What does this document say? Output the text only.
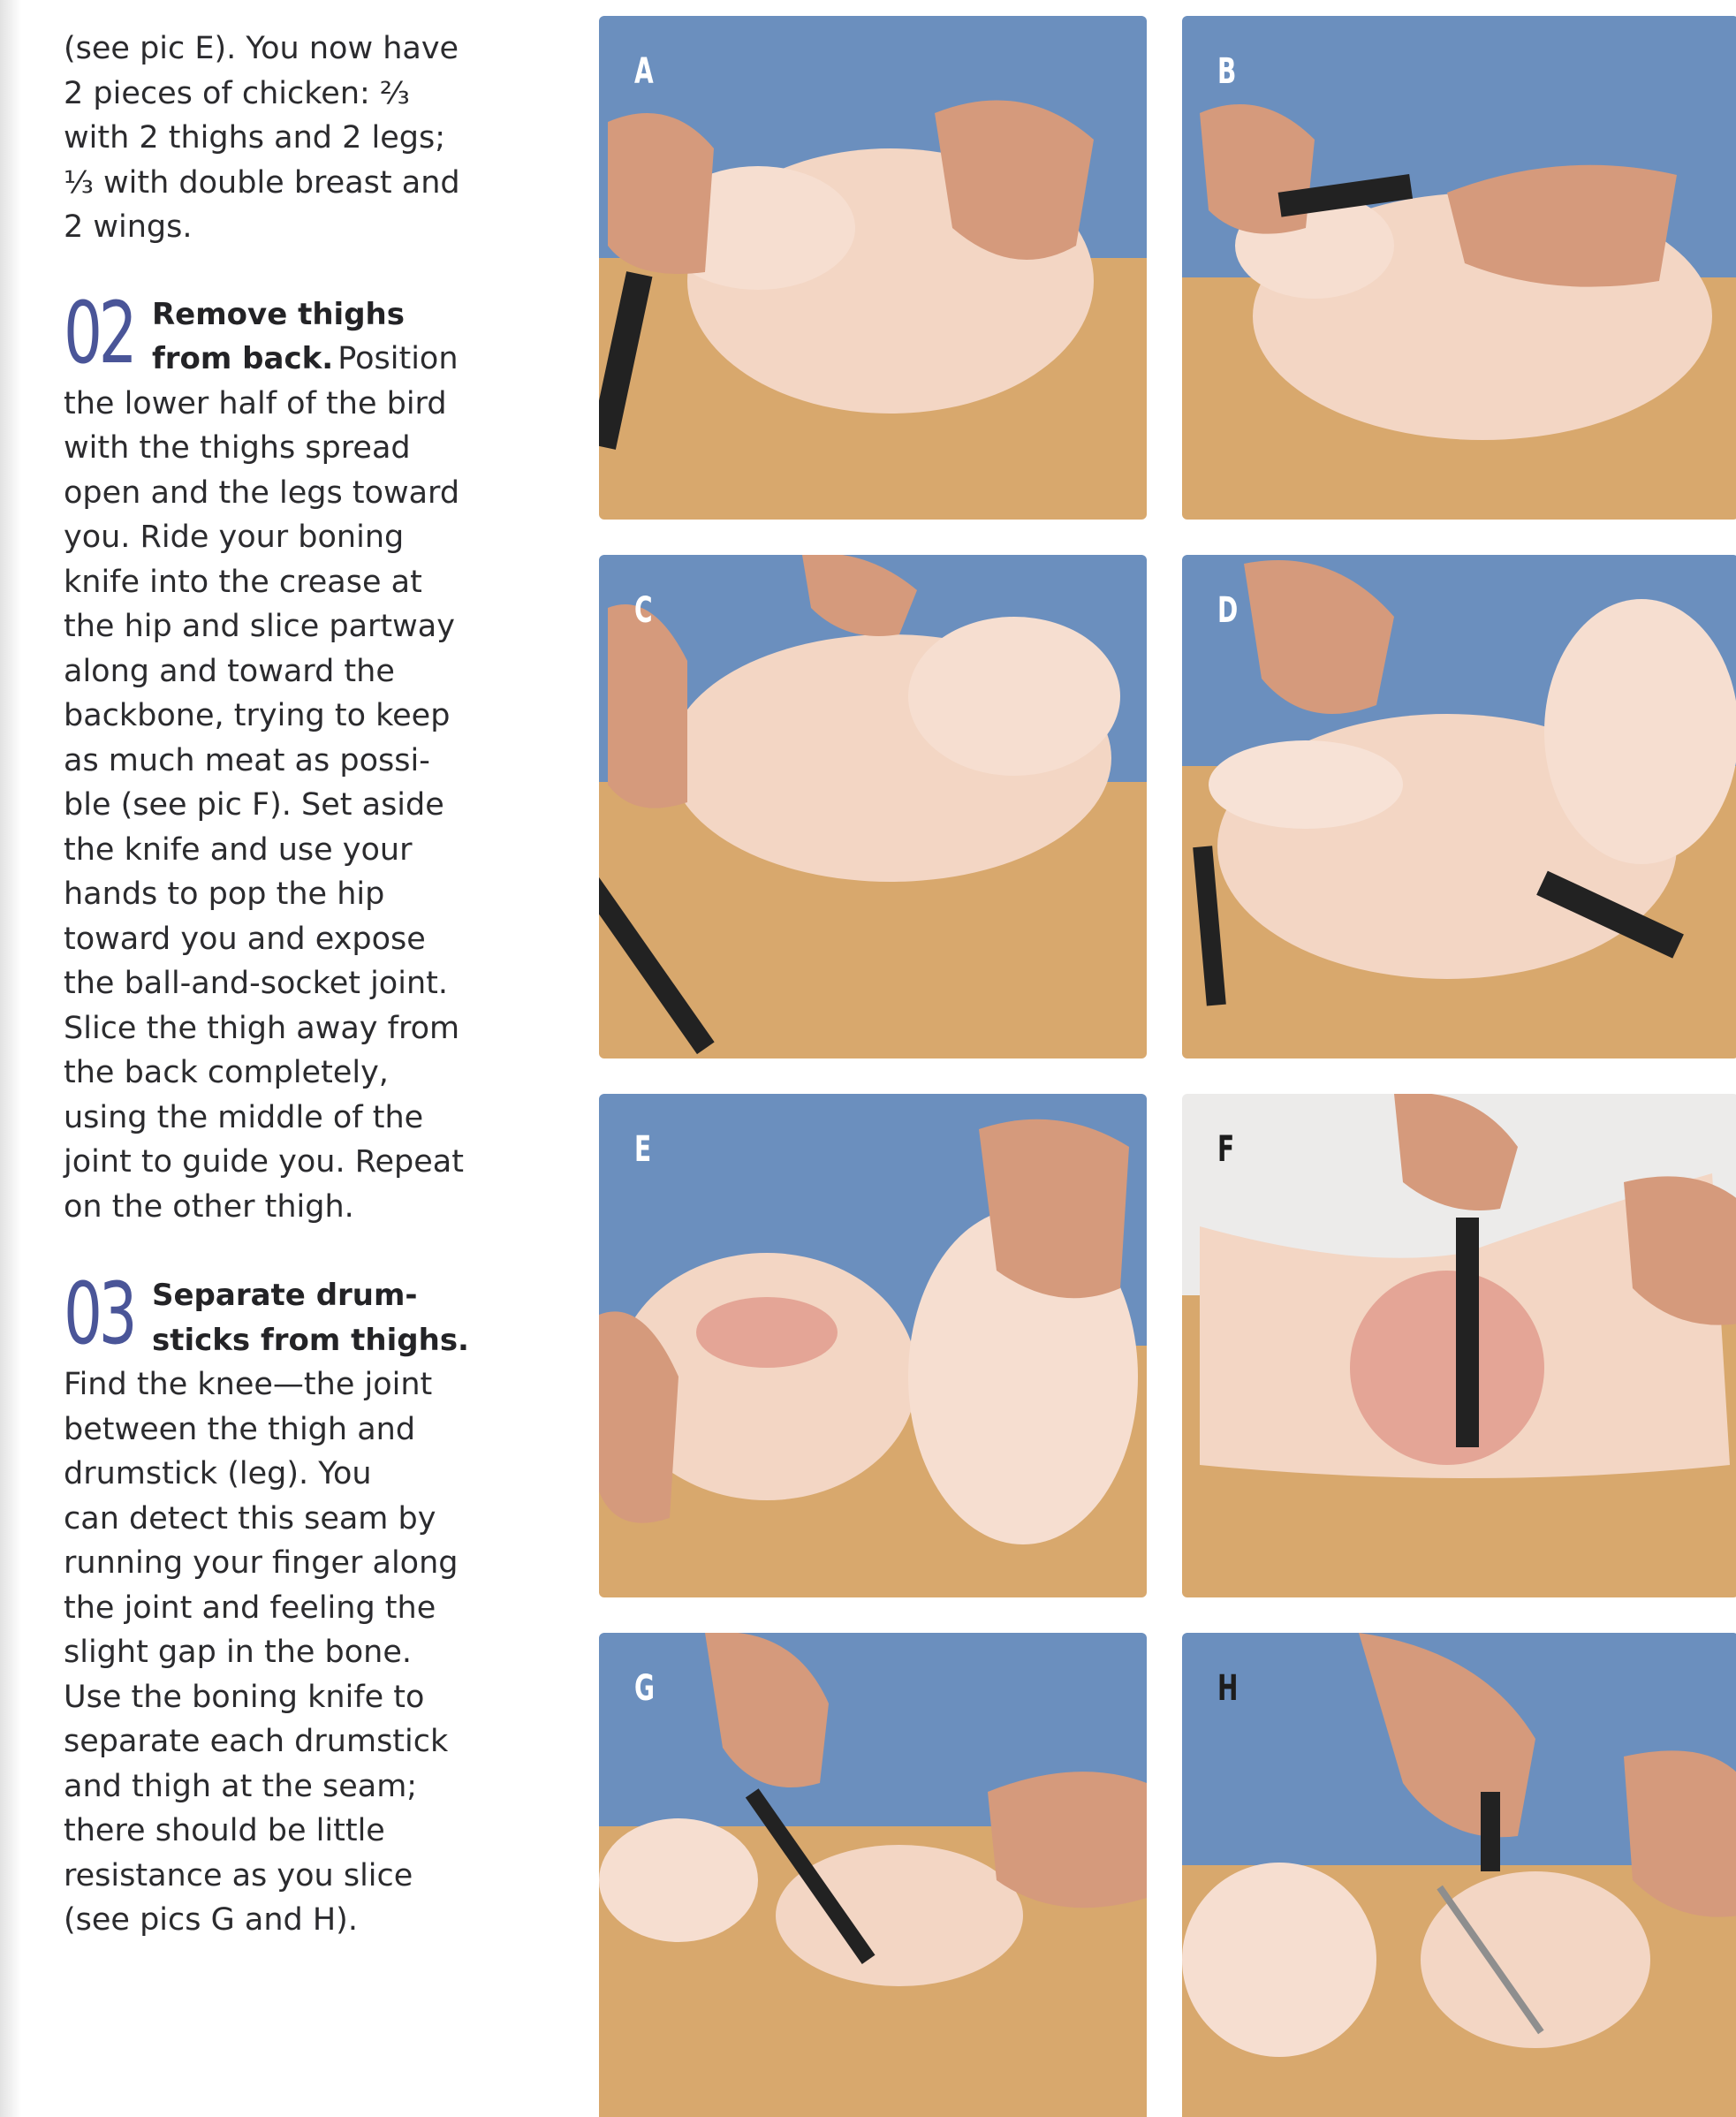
(see pic E). You now have
2 pieces of chicken: ⅔
with 2 thighs and 2 legs;
⅓ with double breast and
2 wings.

02 Remove thighs
from back. Position

the lower half of the bird
with the thighs spread
open and the legs toward
you. Ride your boning
knife into the crease at
the hip and slice partway
along and toward the
backbone, trying to keep
as much meat as possi-
ble (see pic F). Set aside
the knife and use your
hands to pop the hip
toward you and expose
the ball-and-socket joint.
Slice the thigh away from
the back completely,
using the middle of the
joint to guide you. Repeat
on the other thigh.

03 Separate drum-
sticks from thighs.

Find the knee—the joint
between the thigh and
drumstick (leg). You
can detect this seam by
running your finger along
the joint and feeling the
slight gap in the bone.
Use the boning knife to
separate each drumstick
and thigh at the seam;
there should be little
resistance as you slice
(see pics G and H).

A	B
C	D
E	F
G	H
